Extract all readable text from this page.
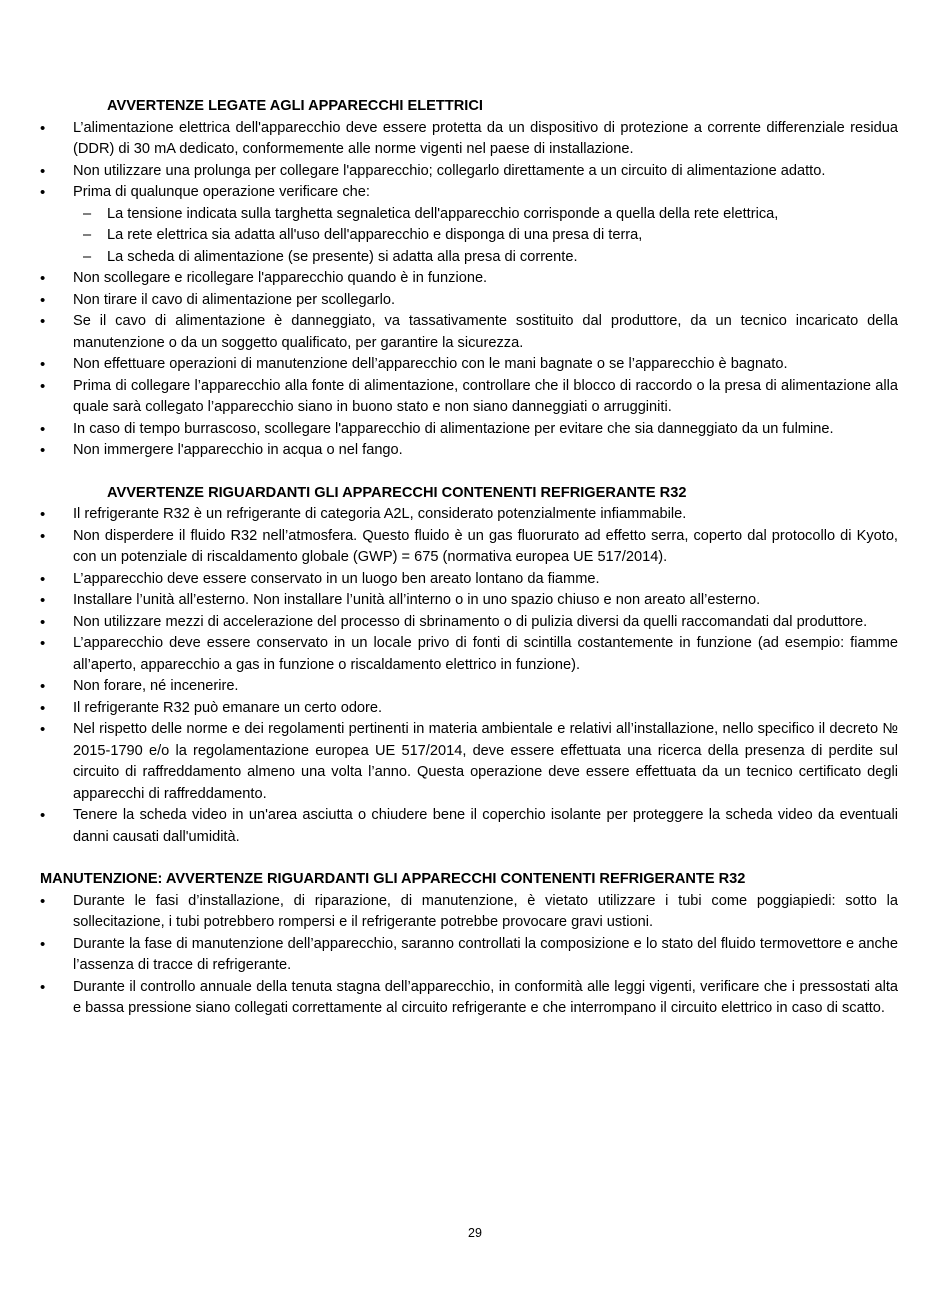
AVVERTENZE LEGATE AGLI APPARECCHI ELETTRICI
• L’alimentazione elettrica dell'apparecchio deve essere protetta da un dispositivo di protezione a corrente differenziale residua (DDR) di 30 mA dedicato, conformemente alle norme vigenti nel paese di installazione.
• Non utilizzare una prolunga per collegare l'apparecchio; collegarlo direttamente a un circuito di alimentazione adatto.
• Prima di qualunque operazione verificare che:
– La tensione indicata sulla targhetta segnaletica dell'apparecchio corrisponde a quella della rete elettrica,
– La rete elettrica sia adatta all'uso dell'apparecchio e disponga di una presa di terra,
– La scheda di alimentazione (se presente) si adatta alla presa di corrente.
• Non scollegare e ricollegare l'apparecchio quando è in funzione.
• Non tirare il cavo di alimentazione per scollegarlo.
• Se il cavo di alimentazione è danneggiato, va tassativamente sostituito dal produttore, da un tecnico incaricato della manutenzione o da un soggetto qualificato, per garantire la sicurezza.
• Non effettuare operazioni di manutenzione dell’apparecchio con le mani bagnate o se l’apparecchio è bagnato.
• Prima di collegare l’apparecchio alla fonte di alimentazione, controllare che il blocco di raccordo o la presa di alimentazione alla quale sarà collegato l’apparecchio siano in buono stato e non siano danneggiati o arrugginiti.
• In caso di tempo burrascoso, scollegare l'apparecchio di alimentazione per evitare che sia danneggiato da un fulmine.
• Non immergere l'apparecchio in acqua o nel fango.
AVVERTENZE RIGUARDANTI GLI APPARECCHI CONTENENTI REFRIGERANTE R32
• Il refrigerante R32 è un refrigerante di categoria A2L, considerato potenzialmente infiammabile.
• Non disperdere il fluido R32 nell’atmosfera. Questo fluido è un gas fluorurato ad effetto serra, coperto dal protocollo di Kyoto, con un potenziale di riscaldamento globale (GWP) = 675 (normativa europea UE 517/2014).
• L’apparecchio deve essere conservato in un luogo ben areato lontano da fiamme.
• Installare l’unità all’esterno. Non installare l’unità all’interno o in uno spazio chiuso e non areato all’esterno.
• Non utilizzare mezzi di accelerazione del processo di sbrinamento o di pulizia diversi da quelli raccomandati dal produttore.
• L’apparecchio deve essere conservato in un locale privo di fonti di scintilla costantemente in funzione (ad esempio: fiamme all’aperto, apparecchio a gas in funzione o riscaldamento elettrico in funzione).
• Non forare, né incenerire.
• Il refrigerante R32 può emanare un certo odore.
• Nel rispetto delle norme e dei regolamenti pertinenti in materia ambientale e relativi all’installazione, nello specifico il decreto № 2015-1790 e/o la regolamentazione europea UE 517/2014, deve essere effettuata una ricerca della presenza di perdite sul circuito di raffreddamento almeno una volta l’anno. Questa operazione deve essere effettuata da un tecnico certificato degli apparecchi di raffreddamento.
• Tenere la scheda video in un'area asciutta o chiudere bene il coperchio isolante per proteggere la scheda video da eventuali danni causati dall'umidità.
MANUTENZIONE: AVVERTENZE RIGUARDANTI GLI APPARECCHI CONTENENTI REFRIGERANTE R32
• Durante le fasi d’installazione, di riparazione, di manutenzione, è vietato utilizzare i tubi come poggiapiedi: sotto la sollecitazione, i tubi potrebbero rompersi e il refrigerante potrebbe provocare gravi ustioni.
• Durante la fase di manutenzione dell’apparecchio, saranno controllati la composizione e lo stato del fluido termovettore e anche l’assenza di tracce di refrigerante.
• Durante il controllo annuale della tenuta stagna dell’apparecchio, in conformità alle leggi vigenti, verificare che i pressostati alta e bassa pressione siano collegati correttamente al circuito refrigerante e che interrompano il circuito elettrico in caso di scatto.
29
